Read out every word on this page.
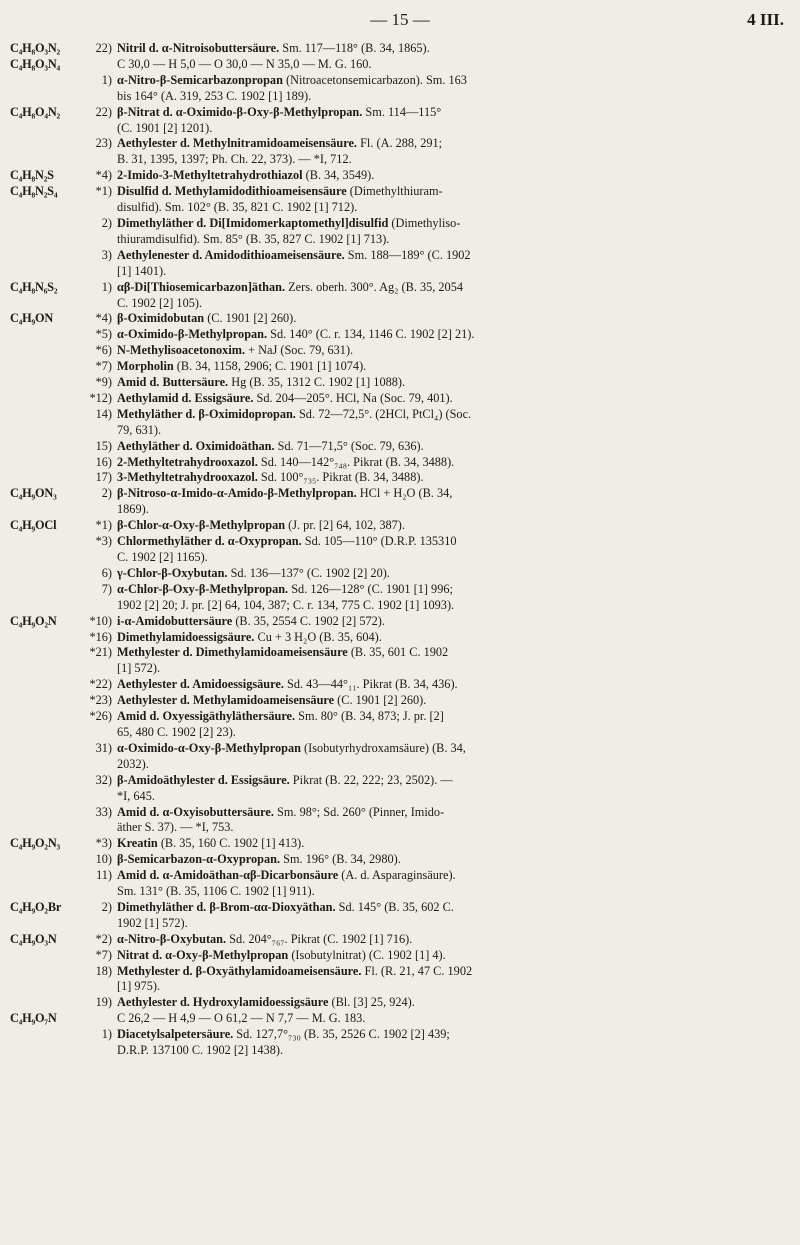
— 15 —	4 III.
C₄H₈O₃N₂	22) Nitril d. α-Nitroisobuttersäure. Sm. 117—118° (B. 34, 1865).
C₄H₈O₃N₄	C 30,0 — H 5,0 — O 30,0 — N 35,0 — M. G. 160.
1) α-Nitro-β-Semicarbazonpropan (Nitroacetonsemicarbazon). Sm. 163
bis 164° (A. 319, 253 C. 1902 [1] 189).
C₄H₈O₄N₂	22) β-Nitrat d. α-Oximido-β-Oxy-β-Methylpropan. Sm. 114—115°
(C. 1901 [2] 1201).
23) Aethylester d. Methylnitramidoameisensäure. Fl. (A. 288, 291;
B. 31, 1395, 1397; Ph. Ch. 22, 373). — *I, 712.
C₄H₈N₂S	*4) 2-Imido-3-Methyltetrahydrothiazol (B. 34, 3549).
C₄H₈N₂S₄	*1) Disulfid d. Methylamidodithioameisensäure (Dimethylthiuram-
disulfid). Sm. 102° (B. 35, 821 C. 1902 [1] 712).
2) Dimethyläther d. Di[Imidomerkaptomethyl]disulfid (Dimethyliso-
thiuramdisulfid). Sm. 85° (B. 35, 827 C. 1902 [1] 713).
3) Aethylenester d. Amidodithioameisensäure. Sm. 188—189° (C. 1902
[1] 1401).
C₄H₈N₆S₂	1) αβ-Di[Thiosemicarbazon]äthan. Zers. oberh. 300°. Ag₂ (B. 35, 2054
C. 1902 [2] 105).
C₄H₉ON	*4) β-Oximidobutan (C. 1901 [2] 260).
*5) α-Oximido-β-Methylpropan. Sd. 140° (C. r. 134, 1146 C. 1902 [2] 21).
*6) N-Methylisoacetonoxim. + NaJ (Soc. 79, 631).
*7) Morpholin (B. 34, 1158, 2906; C. 1901 [1] 1074).
*9) Amid d. Buttersäure. Hg (B. 35, 1312 C. 1902 [1] 1088).
*12) Aethylamid d. Essigsäure. Sd. 204—205°. HCl, Na (Soc. 79, 401).
14) Methyläther d. β-Oximidopropan. Sd. 72—72,5°. (2HCl, PtCl₄) (Soc.
79, 631).
15) Aethyläther d. Oximidoäthan. Sd. 71—71,5° (Soc. 79, 636).
16) 2-Methyltetrahydrooxazol. Sd. 140—142°₇₄₈. Pikrat (B. 34, 3488).
17) 3-Methyltetrahydrooxazol. Sd. 100°₇₃₅. Pikrat (B. 34, 3488).
C₄H₉ON₃	2) β-Nitroso-α-Imido-α-Amido-β-Methylpropan. HCl + H₂O (B. 34,
1869).
C₄H₉OCl	*1) β-Chlor-α-Oxy-β-Methylpropan (J. pr. [2] 64, 102, 387).
*3) Chlormethyläther d. α-Oxypropan. Sd. 105—110° (D.R.P. 135310
C. 1902 [2] 1165).
6) γ-Chlor-β-Oxybutan. Sd. 136—137° (C. 1902 [2] 20).
7) α-Chlor-β-Oxy-β-Methylpropan. Sd. 126—128° (C. 1901 [1] 996;
1902 [2] 20; J. pr. [2] 64, 104, 387; C. r. 134, 775 C. 1902 [1] 1093).
C₄H₉O₂N	*10) i-α-Amidobuttersäure (B. 35, 2554 C. 1902 [2] 572).
*16) Dimethylamidoessigsäure. Cu + 3 H₂O (B. 35, 604).
*21) Methylester d. Dimethylamidoameisensäure (B. 35, 601 C. 1902
[1] 572).
*22) Aethylester d. Amidoessigsäure. Sd. 43—44°₁₁. Pikrat (B. 34, 436).
*23) Aethylester d. Methylamidoameisensäure (C. 1901 [2] 260).
*26) Amid d. Oxyessigäthyläthersäure. Sm. 80° (B. 34, 873; J. pr. [2]
65, 480 C. 1902 [2] 23).
31) α-Oximido-α-Oxy-β-Methylpropan (Isobutyrhydroxamsäure) (B. 34,
2032).
32) β-Amidoäthylester d. Essigsäure. Pikrat (B. 22, 222; 23, 2502). —
*I, 645.
33) Amid d. α-Oxyisobuttersäure. Sm. 98°; Sd. 260° (Pinner, Imido-
äther S. 37). — *I, 753.
C₄H₉O₂N₃	*3) Kreatin (B. 35, 160 C. 1902 [1] 413).
10) β-Semicarbazon-α-Oxypropan. Sm. 196° (B. 34, 2980).
11) Amid d. α-Amidoäthan-αβ-Dicarbonsäure (A. d. Asparaginsäure).
Sm. 131° (B. 35, 1106 C. 1902 [1] 911).
C₄H₉O₂Br	2) Dimethyläther d. β-Brom-αα-Dioxyäthan. Sd. 145° (B. 35, 602 C.
1902 [1] 572).
C₄H₉O₃N	*2) α-Nitro-β-Oxybutan. Sd. 204°₇₆₇. Pikrat (C. 1902 [1] 716).
*7) Nitrat d. α-Oxy-β-Methylpropan (Isobutylnitrat) (C. 1902 [1] 4).
18) Methylester d. β-Oxyäthylamidoameisensäure. Fl. (R. 21, 47 C. 1902
[1] 975).
19) Aethylester d. Hydroxylamidoessigsäure (Bl. [3] 25, 924).
C₄H₉O₇N	C 26,2 — H 4,9 — O 61,2 — N 7,7 — M. G. 183.
1) Diacetylsalpetersäure. Sd. 127,7°₇₃₀ (B. 35, 2526 C. 1902 [2] 439;
D.R.P. 137100 C. 1902 [2] 1438).
